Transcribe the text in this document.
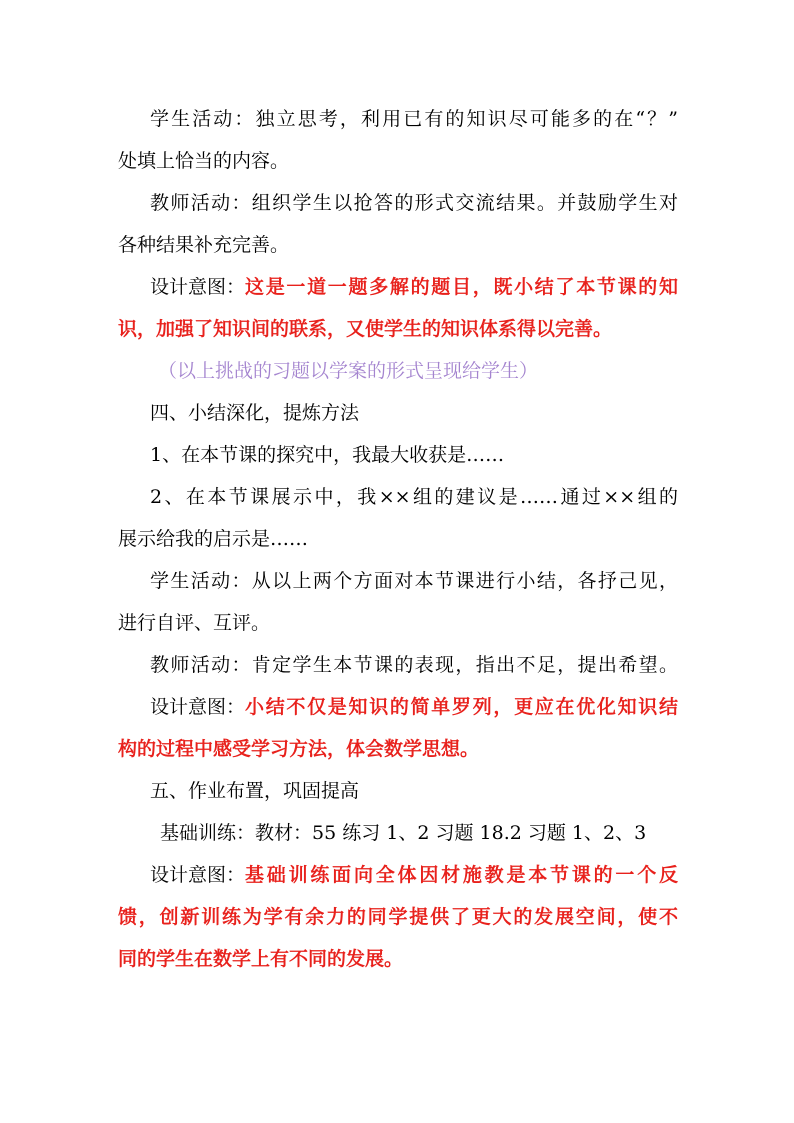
学生活动：独立思考，利用已有的知识尽可能多的在“？”
处填上恰当的内容。
教师活动：组织学生以抢答的形式交流结果。并鼓励学生对
各种结果补充完善。
设计意图： 这是一道一题多解的题目，既小结了本节课的知
识，加强了知识间的联系，又使学生的知识体系得以完善。
（以上挑战的习题以学案的形式呈现给学生）
四、小结深化，提炼方法
1、在本节课的探究中，我最大收获是……
2、在本节课展示中，我××组的建议是……通过××组的
展示给我的启示是……
学生活动：从以上两个方面对本节课进行小结，各抒己见，
进行自评、互评。
教师活动：肯定学生本节课的表现，指出不足，提出希望。
设计意图： 小结不仅是知识的简单罗列，更应在优化知识结
构的过程中感受学习方法，体会数学思想。
五、作业布置，巩固提高
基础训练：教材：55 练习 1、2 习题 18.2 习题 1、2、3
设计意图： 基础训练面向全体因材施教是本节课的一个反
馈，创新训练为学有余力的同学提供了更大的发展空间，使不
同的学生在数学上有不同的发展。
